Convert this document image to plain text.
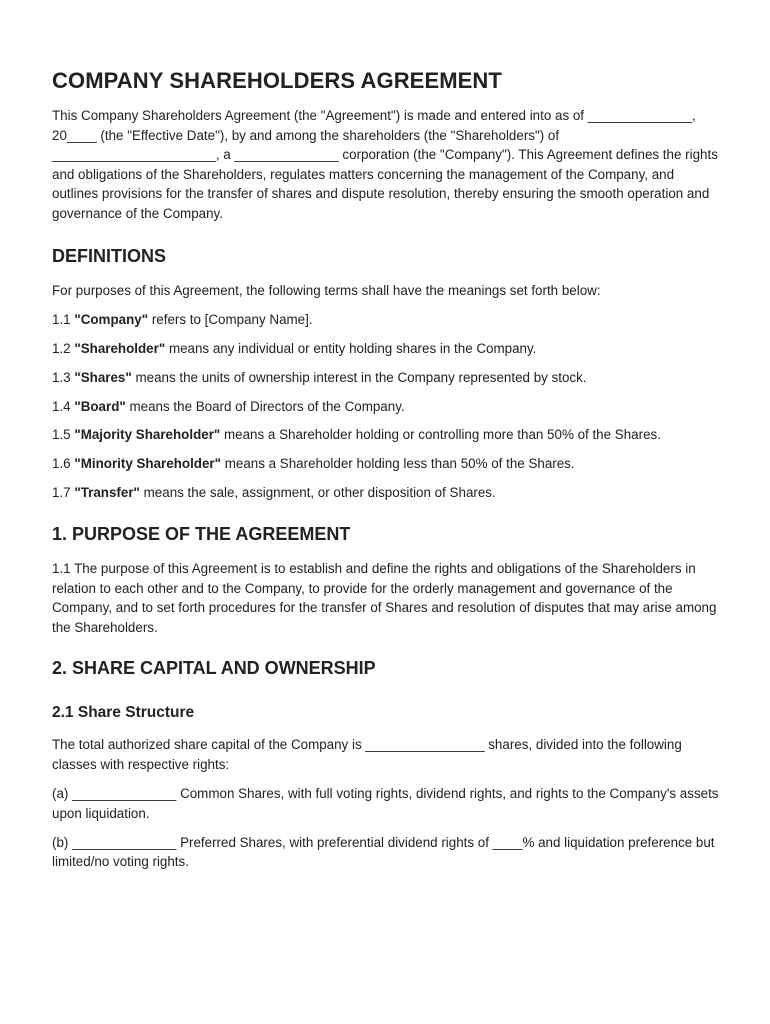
COMPANY SHAREHOLDERS AGREEMENT

This Company Shareholders Agreement (the "Agreement") is made and entered into as of ______________, 20____ (the "Effective Date"), by and among the shareholders (the "Shareholders") of ______________________, a ______________ corporation (the "Company"). This Agreement defines the rights and obligations of the Shareholders, regulates matters concerning the management of the Company, and outlines provisions for the transfer of shares and dispute resolution, thereby ensuring the smooth operation and governance of the Company.

DEFINITIONS

For purposes of this Agreement, the following terms shall have the meanings set forth below:

1.1 "Company" refers to [Company Name].

1.2 "Shareholder" means any individual or entity holding shares in the Company.

1.3 "Shares" means the units of ownership interest in the Company represented by stock.

1.4 "Board" means the Board of Directors of the Company.

1.5 "Majority Shareholder" means a Shareholder holding or controlling more than 50% of the Shares.

1.6 "Minority Shareholder" means a Shareholder holding less than 50% of the Shares.

1.7 "Transfer" means the sale, assignment, or other disposition of Shares.

1. PURPOSE OF THE AGREEMENT

1.1 The purpose of this Agreement is to establish and define the rights and obligations of the Shareholders in relation to each other and to the Company, to provide for the orderly management and governance of the Company, and to set forth procedures for the transfer of Shares and resolution of disputes that may arise among the Shareholders.

2. SHARE CAPITAL AND OWNERSHIP
2.1 Share Structure

The total authorized share capital of the Company is ________________ shares, divided into the following classes with respective rights:

(a) ______________ Common Shares, with full voting rights, dividend rights, and rights to the Company's assets upon liquidation.

(b) ______________ Preferred Shares, with preferential dividend rights of ____% and liquidation preference but limited/no voting rights.
